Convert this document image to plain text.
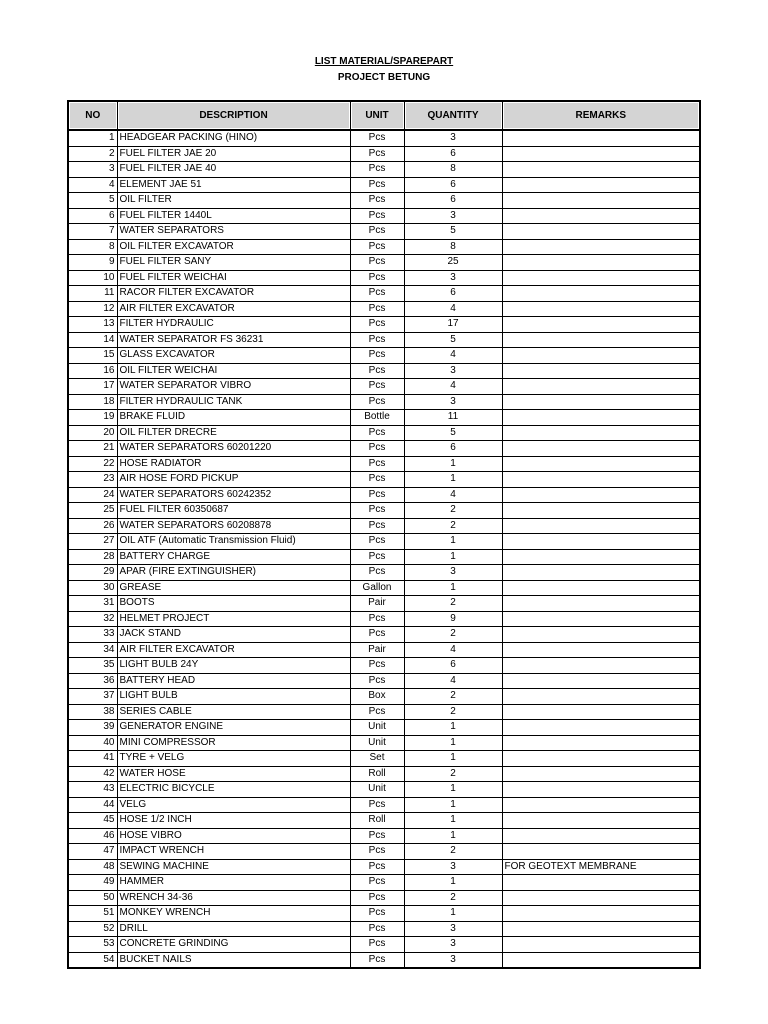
LIST MATERIAL/SPAREPART
PROJECT BETUNG
NO	DESCRIPTION	UNIT	QUANTITY	REMARKS
1	HEADGEAR PACKING (HINO)	Pcs	3	
2	FUEL FILTER JAE 20	Pcs	6	
3	FUEL FILTER JAE 40	Pcs	8	
4	ELEMENT JAE 51	Pcs	6	
5	OIL FILTER	Pcs	6	
6	FUEL FILTER 1440L	Pcs	3	
7	WATER SEPARATORS	Pcs	5	
8	OIL FILTER EXCAVATOR	Pcs	8	
9	FUEL FILTER SANY	Pcs	25	
10	FUEL FILTER WEICHAI	Pcs	3	
11	RACOR FILTER EXCAVATOR	Pcs	6	
12	AIR FILTER EXCAVATOR	Pcs	4	
13	FILTER HYDRAULIC	Pcs	17	
14	WATER SEPARATOR FS 36231	Pcs	5	
15	GLASS EXCAVATOR	Pcs	4	
16	OIL FILTER WEICHAI	Pcs	3	
17	WATER SEPARATOR VIBRO	Pcs	4	
18	FILTER HYDRAULIC TANK	Pcs	3	
19	BRAKE FLUID	Bottle	11	
20	OIL FILTER DRECRE	Pcs	5	
21	WATER SEPARATORS 60201220	Pcs	6	
22	HOSE RADIATOR	Pcs	1	
23	AIR HOSE FORD PICKUP	Pcs	1	
24	WATER SEPARATORS 60242352	Pcs	4	
25	FUEL FILTER 60350687	Pcs	2	
26	WATER SEPARATORS 60208878	Pcs	2	
27	OIL ATF (Automatic Transmission Fluid)	Pcs	1	
28	BATTERY CHARGE	Pcs	1	
29	APAR (FIRE EXTINGUISHER)	Pcs	3	
30	GREASE	Gallon	1	
31	BOOTS	Pair	2	
32	HELMET PROJECT	Pcs	9	
33	JACK STAND	Pcs	2	
34	AIR FILTER EXCAVATOR	Pair	4	
35	LIGHT BULB 24Y	Pcs	6	
36	BATTERY HEAD	Pcs	4	
37	LIGHT BULB	Box	2	
38	SERIES CABLE	Pcs	2	
39	GENERATOR ENGINE	Unit	1	
40	MINI COMPRESSOR	Unit	1	
41	TYRE + VELG	Set	1	
42	WATER HOSE	Roll	2	
43	ELECTRIC BICYCLE	Unit	1	
44	VELG	Pcs	1	
45	HOSE 1/2 INCH	Roll	1	
46	HOSE VIBRO	Pcs	1	
47	IMPACT WRENCH	Pcs	2	
48	SEWING MACHINE	Pcs	3	FOR GEOTEXT MEMBRANE
49	HAMMER	Pcs	1	
50	WRENCH 34-36	Pcs	2	
51	MONKEY WRENCH	Pcs	1	
52	DRILL	Pcs	3	
53	CONCRETE GRINDING	Pcs	3	
54	BUCKET NAILS	Pcs	3	
